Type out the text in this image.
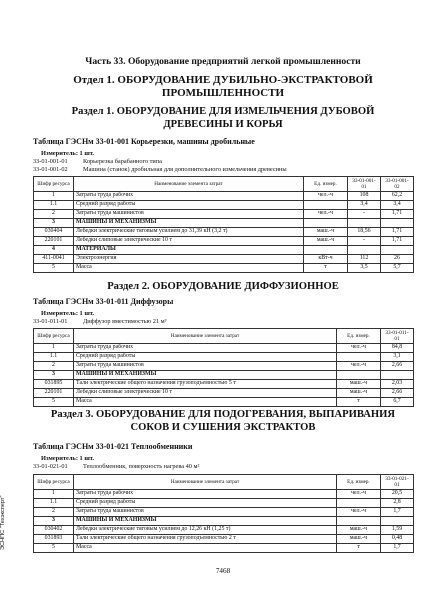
Часть 33. Оборудование предприятий легкой промышленности
Отдел 1. ОБОРУДОВАНИЕ ДУБИЛЬНО-ЭКСТРАКТОВОЙ
ПРОМЫШЛЕННОСТИ
Раздел 1. ОБОРУДОВАНИЕ ДЛЯ ИЗМЕЛЬЧЕНИЯ ДУБОВОЙ
ДРЕВЕСИНЫ И КОРЬЯ
Таблица ГЭСНм 33-01-001 Корьерезки, машины дробильные
Измеритель: 1 шт.
33-01-001-01 Корьерезка барабанного типа
33-01-001-02 Машина (станок) дробильная для дополнительного измельчения древесины
Шифр ресурса	Наименование элемента затрат	Ед. измер.	33-01-001-01	33-01-001-02
1	Затраты труда рабочих	чел.-ч	108	62,2
1.1	Средний разряд работы		3,4	3,4
2	Затраты труда машинистов	чел.-ч	-	1,71
3	МАШИНЫ И МЕХАНИЗМЫ			
030404	Лебедки электрические тяговым усилием до 31,39 кН (3,2 т)	маш.-ч	18,56	1,71
220101	Лебедки слиповые электрические 10 т	маш.-ч	-	1,71
4	МАТЕРИАЛЫ			
411-0041	Электроэнергия	кВт-ч	112	26
5	Масса	т	3,5	5,7
Раздел 2. ОБОРУДОВАНИЕ ДИФФУЗИОННОЕ
Таблица ГЭСНм 33-01-011 Диффузоры
Измеритель: 1 шт.
33-01-011-01 Диффузор вместимостью 21 м³
Шифр ресурса	Наименование элемента затрат	Ед. измер.	33-01-011-01
1	Затраты труда рабочих	чел.-ч	84,8
1.1	Средний разряд работы		3,1
2	Затраты труда машинистов	чел.-ч	2,66
3	МАШИНЫ И МЕХАНИЗМЫ		
031895	Тали электрические общего назначения грузоподъемностью 5 т	маш.-ч	2,03
220101	Лебедки слиповые электрические 10 т	маш.-ч	2,66
5	Масса	т	6,7
Раздел 3. ОБОРУДОВАНИЕ ДЛЯ ПОДОГРЕВАНИЯ, ВЫПАРИВАНИЯ
СОКОВ И СУШЕНИЯ ЭКСТРАКТОВ
Таблица ГЭСНм 33-01-021 Теплообменники
Измеритель: 1 шт.
33-01-021-01 Теплообменник, поверхность нагрева 40 м²
Шифр ресурса	Наименование элемента затрат	Ед. измер.	33-01-021-01
1	Затраты труда рабочих	чел.-ч	20,5
1.1	Средний разряд работы		2,8
2	Затраты труда машинистов	чел.-ч	1,7
3	МАШИНЫ И МЕХАНИЗМЫ		
030402	Лебедки электрические тяговым усилием до 12,26 кН (1,25 т)	маш.-ч	1,59
031893	Тали электрические общего назначения грузоподъемностью 2 т	маш.-ч	0,48
5	Масса	т	1,7
7468
ЭСНПС "Техэксперт"
